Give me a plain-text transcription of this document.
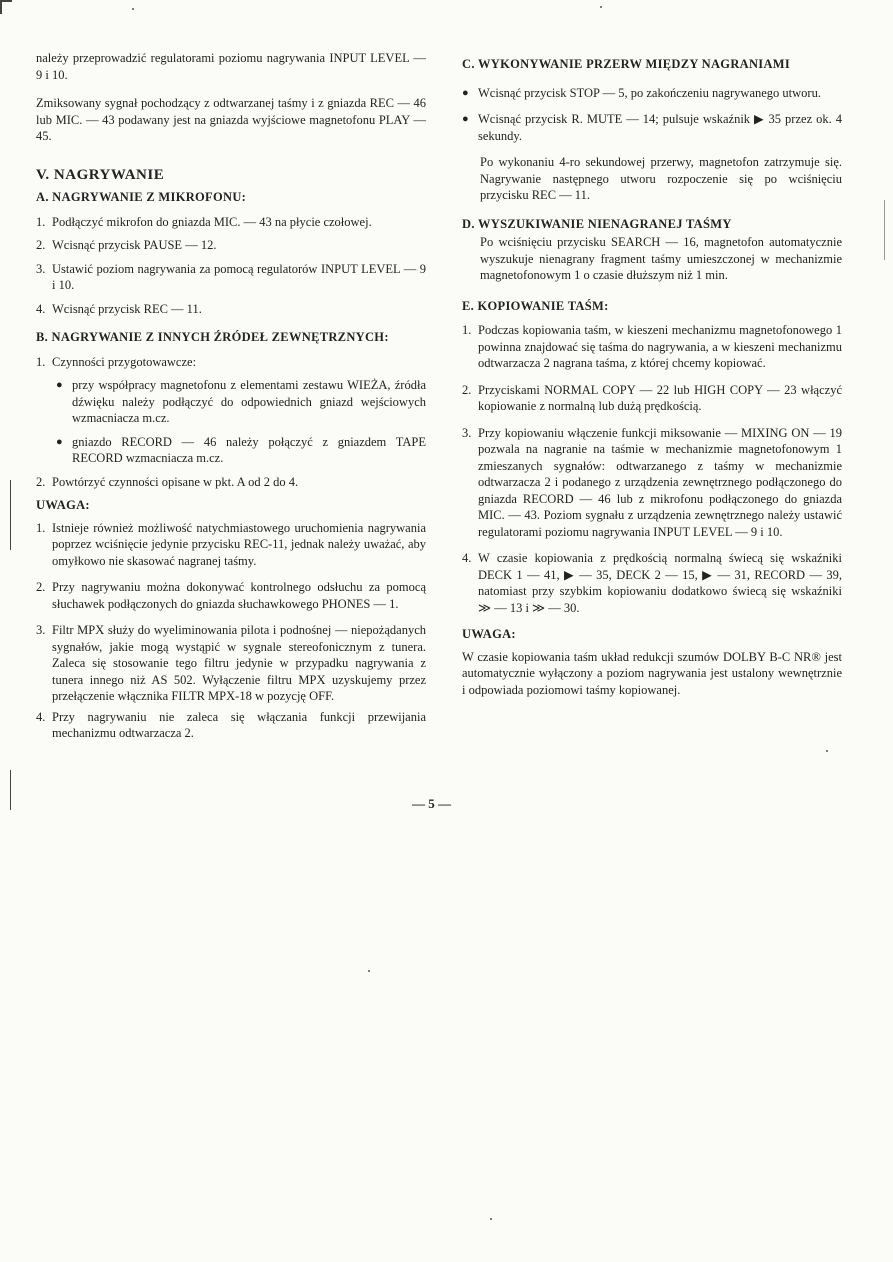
należy przeprowadzić regulatorami poziomu nagrywania INPUT LEVEL — 9 i 10.

Zmiksowany sygnał pochodzący z odtwarzanej taśmy i z gniazda REC — 46 lub MIC. — 43 podawany jest na gniazda wyjściowe magnetofonu PLAY — 45.

V. NAGRYWANIE
A. NAGRYWANIE Z MIKROFONU:
1. Podłączyć mikrofon do gniazda MIC. — 43 na płycie czołowej.
2. Wcisnąć przycisk PAUSE — 12.
3. Ustawić poziom nagrywania za pomocą regulatorów INPUT LEVEL — 9 i 10.
4. Wcisnąć przycisk REC — 11.
B. NAGRYWANIE Z INNYCH ŹRÓDEŁ ZEWNĘTRZNYCH:
1. Czynności przygotowawcze:
● przy współpracy magnetofonu z elementami zestawu WIEŻA, źródła dźwięku należy podłączyć do odpowiednich gniazd wejściowych wzmacniacza m.cz.
● gniazdo RECORD — 46 należy połączyć z gniazdem TAPE RECORD wzmacniacza m.cz.
2. Powtórzyć czynności opisane w pkt. A od 2 do 4.
UWAGA:
1. Istnieje również możliwość natychmiastowego uruchomienia nagrywania poprzez wciśnięcie jedynie przycisku REC-11, jednak należy uważać, aby omyłkowo nie skasować nagranej taśmy.
2. Przy nagrywaniu można dokonywać kontrolnego odsłuchu za pomocą słuchawek podłączonych do gniazda słuchawkowego PHONES — 1.
3. Filtr MPX służy do wyeliminowania pilota i podnośnej — niepożądanych sygnałów, jakie mogą wystąpić w sygnale stereofonicznym z tunera. Zaleca się stosowanie tego filtru jedynie w przypadku nagrywania z tunera innego niż AS 502. Wyłączenie filtru MPX uzyskujemy przez przełączenie włącznika FILTR MPX-18 w pozycję OFF.
4. Przy nagrywaniu nie zaleca się włączania funkcji przewijania mechanizmu odtwarzacza 2.
C. WYKONYWANIE PRZERW MIĘDZY NAGRANIAMI
● Wcisnąć przycisk STOP — 5, po zakończeniu nagrywanego utworu.
● Wcisnąć przycisk R. MUTE — 14; pulsuje wskaźnik ▶ 35 przez ok. 4 sekundy.

Po wykonaniu 4-ro sekundowej przerwy, magnetofon zatrzymuje się. Nagrywanie następnego utworu rozpoczenie się po wciśnięciu przycisku REC — 11.

D. WYSZUKIWANIE NIENAGRANEJ TAŚMY

Po wciśnięciu przycisku SEARCH — 16, magnetofon automatycznie wyszukuje nienagrany fragment taśmy umieszczonej w mechanizmie magnetofonowym 1 o czasie dłuższym niż 1 min.

E. KOPIOWANIE TAŚM:
1. Podczas kopiowania taśm, w kieszeni mechanizmu magnetofonowego 1 powinna znajdować się taśma do nagrywania, a w kieszeni mechanizmu odtwarzacza 2 nagrana taśma, z której chcemy kopiować.
2. Przyciskami NORMAL COPY — 22 lub HIGH COPY — 23 włączyć kopiowanie z normalną lub dużą prędkością.
3. Przy kopiowaniu włączenie funkcji miksowanie — MIXING ON — 19 pozwala na nagranie na taśmie w mechanizmie magnetofonowym 1 zmieszanych sygnałów: odtwarzanego z taśmy w mechanizmie odtwarzacza 2 i podanego z urządzenia zewnętrznego podłączonego do gniazda RECORD — 46 lub z mikrofonu podłączonego do gniazda MIC. — 43. Poziom sygnału z urządzenia zewnętrznego należy ustawić regulatorami poziomu nagrywania INPUT LEVEL — 9 i 10.
4. W czasie kopiowania z prędkością normalną świecą się wskaźniki DECK 1 — 41, ▶ — 35, DECK 2 — 15, ▶ — 31, RECORD — 39, natomiast przy szybkim kopiowaniu dodatkowo świecą się wskaźniki ≫ — 13 i ≫ — 30.
UWAGA:

W czasie kopiowania taśm układ redukcji szumów DOLBY B-C NR® jest automatycznie wyłączony a poziom nagrywania jest ustalony wewnętrznie i odpowiada poziomowi taśmy kopiowanej.

— 5 —
